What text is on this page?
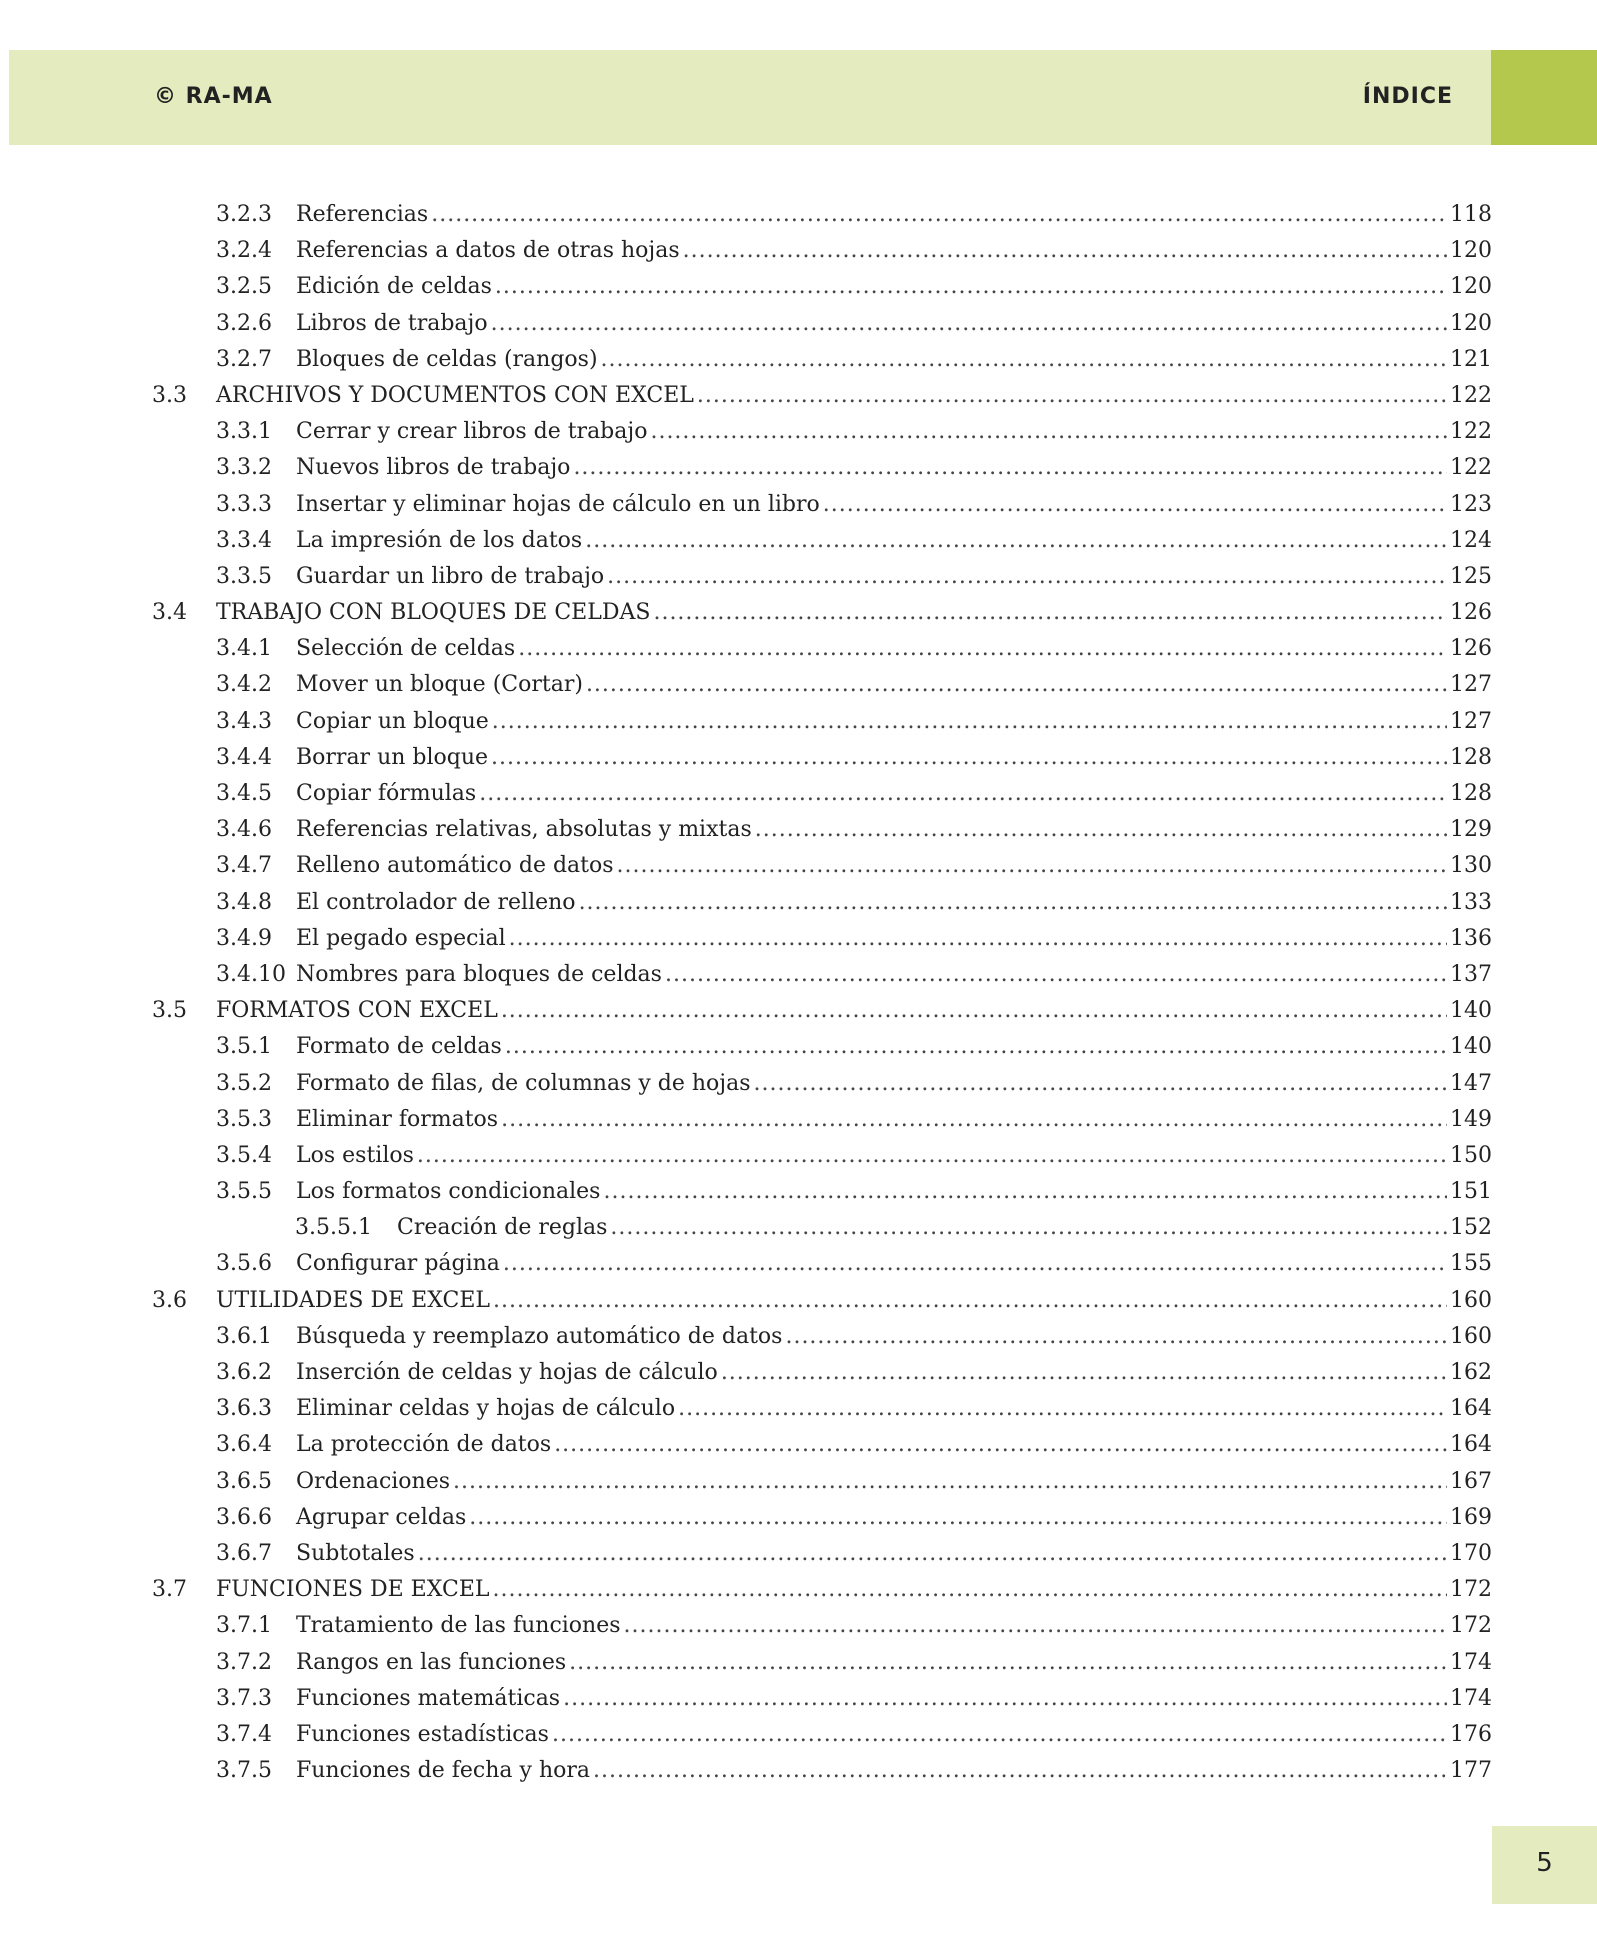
© RA-MA	ÍNDICE
3.2.3	Referencias .....	118
3.2.4	Referencias a datos de otras hojas .....	120
3.2.5	Edición de celdas .....	120
3.2.6	Libros de trabajo .....	120
3.2.7	Bloques de celdas (rangos) .....	121
3.3	ARCHIVOS Y DOCUMENTOS CON EXCEL .....	122
3.3.1	Cerrar y crear libros de trabajo .....	122
3.3.2	Nuevos libros de trabajo .....	122
3.3.3	Insertar y eliminar hojas de cálculo en un libro .....	123
3.3.4	La impresión de los datos .....	124
3.3.5	Guardar un libro de trabajo .....	125
3.4	TRABAJO CON BLOQUES DE CELDAS .....	126
3.4.1	Selección de celdas .....	126
3.4.2	Mover un bloque (Cortar) .....	127
3.4.3	Copiar un bloque .....	127
3.4.4	Borrar un bloque .....	128
3.4.5	Copiar fórmulas .....	128
3.4.6	Referencias relativas, absolutas y mixtas .....	129
3.4.7	Relleno automático de datos .....	130
3.4.8	El controlador de relleno .....	133
3.4.9	El pegado especial .....	136
3.4.10 Nombres para bloques de celdas .....	137
3.5	FORMATOS CON EXCEL .....	140
3.5.1	Formato de celdas .....	140
3.5.2	Formato de filas, de columnas y de hojas .....	147
3.5.3	Eliminar formatos .....	149
3.5.4	Los estilos .....	150
3.5.5	Los formatos condicionales .....	151
3.5.5.1	Creación de reglas .....	152
3.5.6	Configurar página .....	155
3.6	UTILIDADES DE EXCEL .....	160
3.6.1	Búsqueda y reemplazo automático de datos .....	160
3.6.2	Inserción de celdas y hojas de cálculo .....	162
3.6.3	Eliminar celdas y hojas de cálculo .....	164
3.6.4	La protección de datos .....	164
3.6.5	Ordenaciones .....	167
3.6.6	Agrupar celdas .....	169
3.6.7	Subtotales .....	170
3.7	FUNCIONES DE EXCEL .....	172
3.7.1	Tratamiento de las funciones .....	172
3.7.2	Rangos en las funciones .....	174
3.7.3	Funciones matemáticas .....	174
3.7.4	Funciones estadísticas .....	176
3.7.5	Funciones de fecha y hora .....	177
5
